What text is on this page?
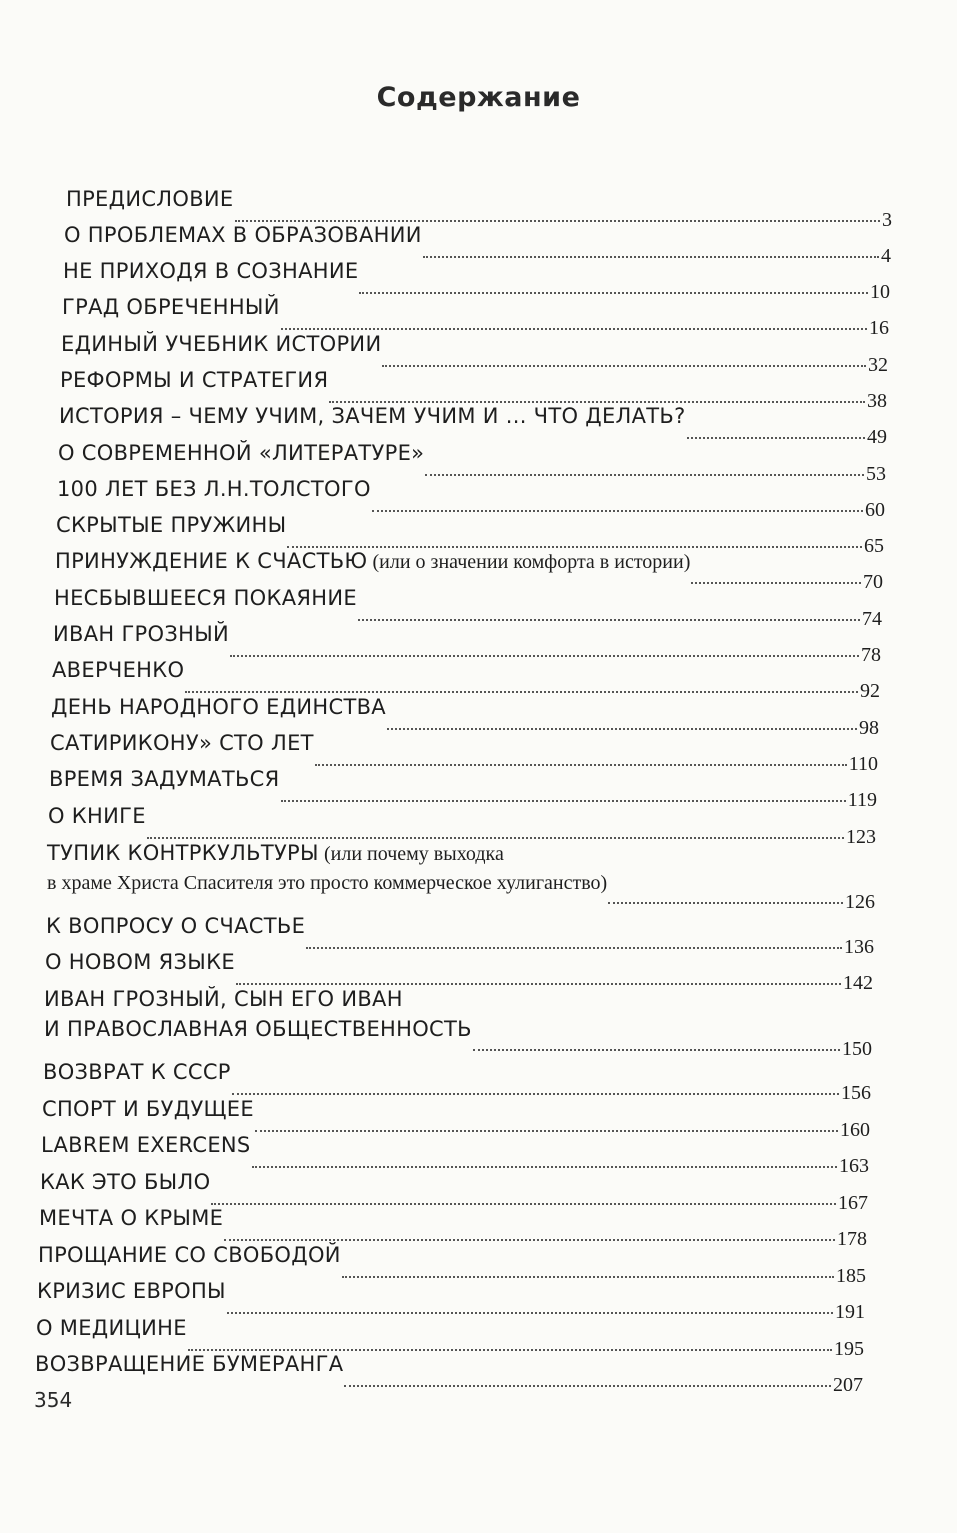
Содержание
ПРЕДИСЛОВИЕ
3
О ПРОБЛЕМАХ В ОБРАЗОВАНИИ
4
НЕ ПРИХОДЯ В СОЗНАНИЕ
10
ГРАД ОБРЕЧЕННЫЙ
16
ЕДИНЫЙ УЧЕБНИК ИСТОРИИ
32
РЕФОРМЫ И СТРАТЕГИЯ
38
ИСТОРИЯ – ЧЕМУ УЧИМ, ЗАЧЕМ УЧИМ И ... ЧТО ДЕЛАТЬ?
49
О СОВРЕМЕННОЙ «ЛИТЕРАТУРЕ»
53
100 ЛЕТ БЕЗ Л.Н.ТОЛСТОГО
60
СКРЫТЫЕ ПРУЖИНЫ
65
ПРИНУЖДЕНИЕ К СЧАСТЬЮ (или о значении комфорта в истории)
70
НЕСБЫВШЕЕСЯ ПОКАЯНИЕ
74
ИВАН ГРОЗНЫЙ
78
АВЕРЧЕНКО
92
ДЕНЬ НАРОДНОГО ЕДИНСТВА
98
САТИРИКОНУ» СТО ЛЕТ
110
ВРЕМЯ ЗАДУМАТЬСЯ
119
О КНИГЕ
123
ТУПИК КОНТРКУЛЬТУРЫ (или почему выходка
в храме Христа Спасителя это просто коммерческое хулиганство)
126
К ВОПРОСУ О СЧАСТЬЕ
136
О НОВОМ ЯЗЫКЕ
142
ИВАН ГРОЗНЫЙ, СЫН ЕГО ИВАН
И ПРАВОСЛАВНАЯ ОБЩЕСТВЕННОСТЬ
150
ВОЗВРАТ К СССР
156
СПОРТ И БУДУЩЕЕ
160
LABREM EXERCENS
163
КАК ЭТО БЫЛО
167
МЕЧТА О КРЫМЕ
178
ПРОЩАНИЕ СО СВОБОДОЙ
185
КРИЗИС ЕВРОПЫ
191
О МЕДИЦИНЕ
195
ВОЗВРАЩЕНИЕ БУМЕРАНГА
207
354
